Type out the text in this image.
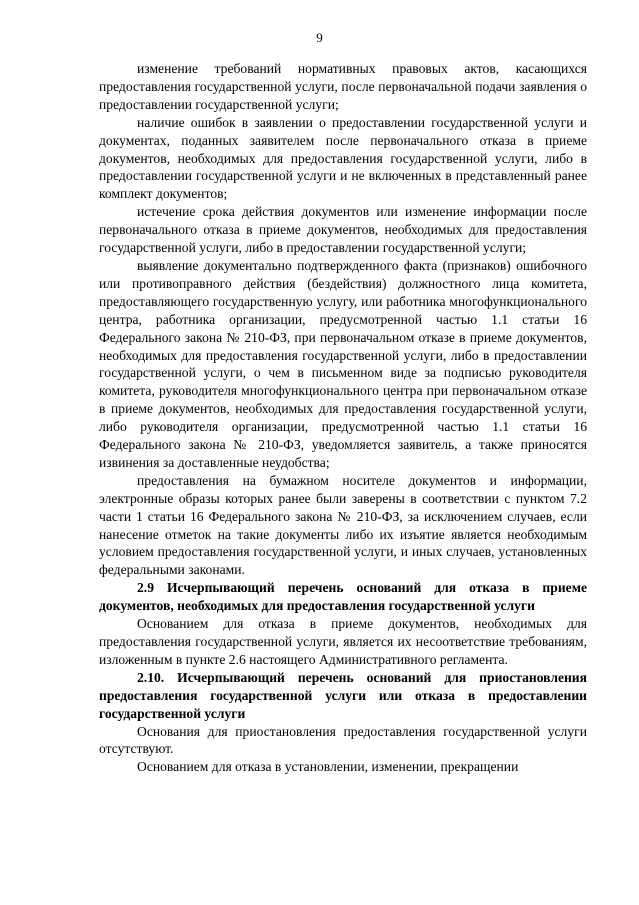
9

изменение требований нормативных правовых актов, касающихся предоставления государственной услуги, после первоначальной подачи заявления о предоставлении государственной услуги;

наличие ошибок в заявлении о предоставлении государственной услуги и документах, поданных заявителем после первоначального отказа в приеме документов, необходимых для предоставления государственной услуги, либо в предоставлении государственной услуги и не включенных в представленный ранее комплект документов;

истечение срока действия документов или изменение информации после первоначального отказа в приеме документов, необходимых для предоставления государственной услуги, либо в предоставлении государственной услуги;

выявление документально подтвержденного факта (признаков) ошибочного или противоправного действия (бездействия) должностного лица комитета, предоставляющего государственную услугу, или работника многофункционального центра, работника организации, предусмотренной частью 1.1 статьи 16 Федерального закона № 210-ФЗ, при первоначальном отказе в приеме документов, необходимых для предоставления государственной услуги, либо в предоставлении государственной услуги, о чем в письменном виде за подписью руководителя комитета, руководителя многофункционального центра при первоначальном отказе в приеме документов, необходимых для предоставления государственной услуги, либо руководителя организации, предусмотренной частью 1.1 статьи 16 Федерального закона № 210-ФЗ, уведомляется заявитель, а также приносятся извинения за доставленные неудобства;

предоставления на бумажном носителе документов и информации, электронные образы которых ранее были заверены в соответствии с пунктом 7.2 части 1 статьи 16 Федерального закона № 210-ФЗ, за исключением случаев, если нанесение отметок на такие документы либо их изъятие является необходимым условием предоставления государственной услуги, и иных случаев, установленных федеральными законами.

2.9 Исчерпывающий перечень оснований для отказа в приеме документов, необходимых для предоставления государственной услуги

Основанием для отказа в приеме документов, необходимых для предоставления государственной услуги, является их несоответствие требованиям, изложенным в пункте 2.6 настоящего Административного регламента.

2.10. Исчерпывающий перечень оснований для приостановления предоставления государственной услуги или отказа в предоставлении государственной услуги

Основания для приостановления предоставления государственной услуги отсутствуют.

Основанием для отказа в установлении, изменении, прекращении
